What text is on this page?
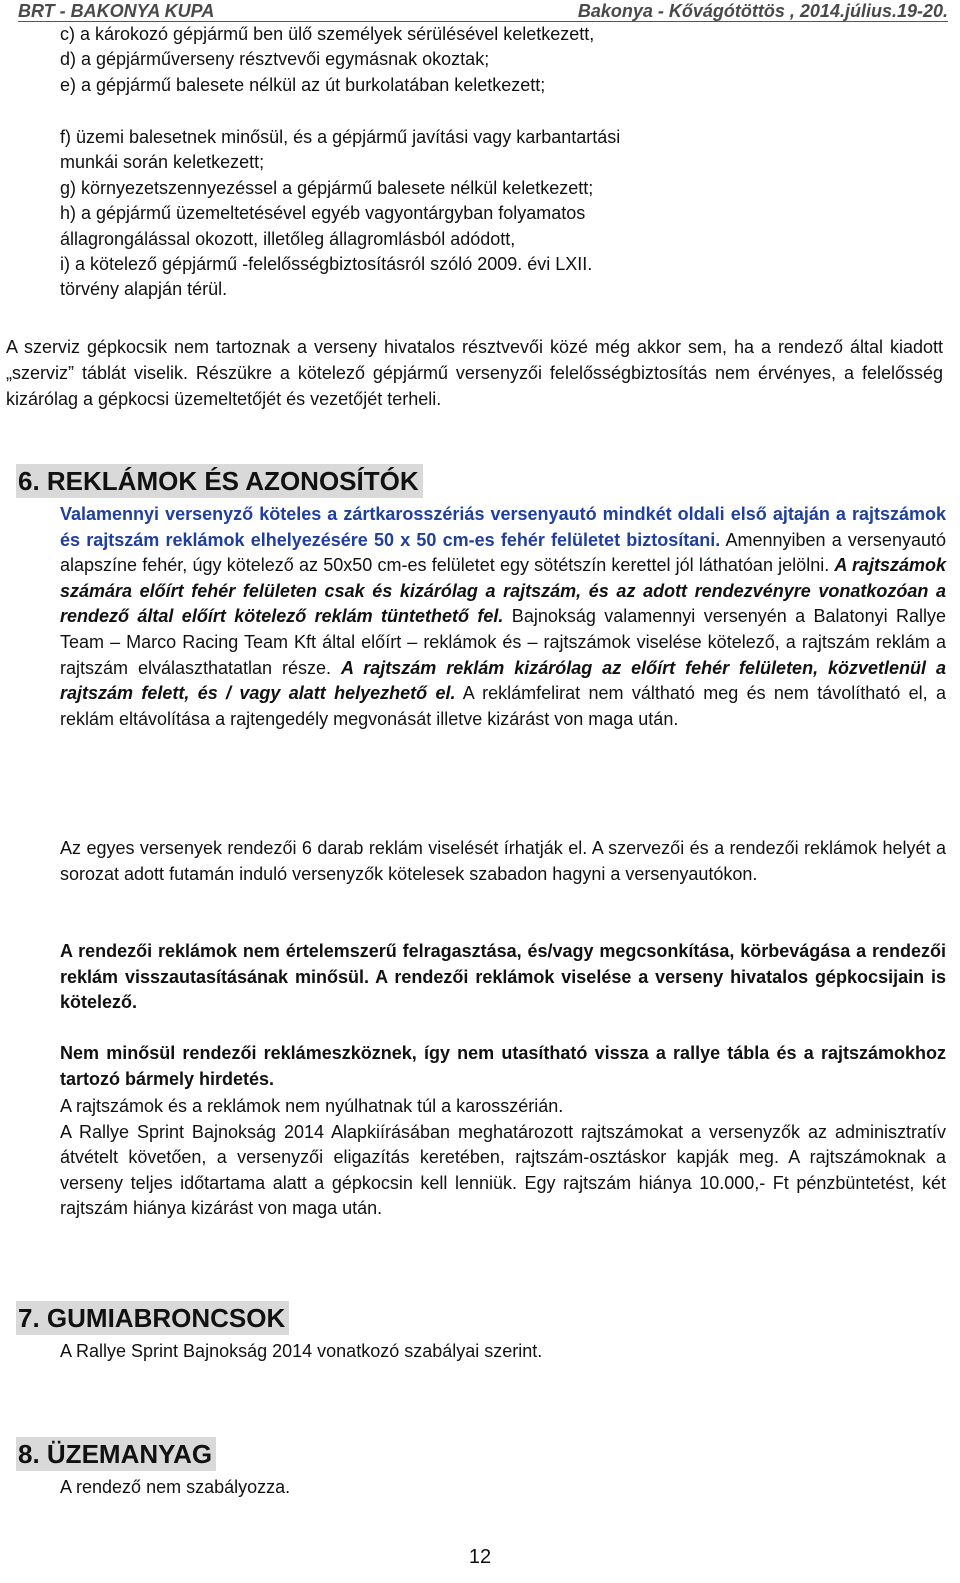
BRT - BAKONYA KUPA	Bakonya - Kővágótöttös , 2014.július.19-20.
c) a károkozó gépjármű ben ülő személyek sérülésével keletkezett,
d) a gépjárműverseny résztvevői egymásnak okoztak;
e) a gépjármű balesete nélkül az út burkolatában keletkezett;
f) üzemi balesetnek minősül, és a gépjármű javítási vagy karbantartási
munkái során keletkezett;
g) környezetszennyezéssel a gépjármű balesete nélkül keletkezett;
h) a gépjármű üzemeltetésével egyéb vagyontárgyban folyamatos
állagrongálással okozott, illetőleg állagromlásból adódott,
i) a kötelező gépjármű -felelősségbiztosításról szóló 2009. évi LXII.
törvény alapján térül.
A szerviz gépkocsik nem tartoznak a verseny hivatalos résztvevői közé még akkor sem, ha a rendező által kiadott „szerviz” táblát viselik. Részükre a kötelező gépjármű versenyzői felelősségbiztosítás nem érvényes, a felelősség kizárólag a gépkocsi üzemeltetőjét és vezetőjét terheli.
6. REKLÁMOK ÉS AZONOSÍTÓK
Valamennyi versenyző köteles a zártkarosszériás versenyautó mindkét oldali első ajtaján a rajtszámok és rajtszám reklámok elhelyezésére 50 x 50 cm-es fehér felületet biztosítani. Amennyiben a versenyautó alapszíne fehér, úgy kötelező az 50x50 cm-es felületet egy sötétszín kerettel jól láthatóan jelölni. A rajtszámok számára előírt fehér felületen csak és kizárólag a rajtszám, és az adott rendezvényre vonatkozóan a rendező által előírt kötelező reklám tüntethető fel. Bajnokság valamennyi versenyén a Balatonyi Rallye Team – Marco Racing Team Kft által előírt – reklámok és – rajtszámok viselése kötelező, a rajtszám reklám a rajtszám elválaszthatatlan része. A rajtszám reklám kizárólag az előírt fehér felületen, közvetlenül a rajtszám felett, és / vagy alatt helyezhető el. A reklámfelirat nem váltható meg és nem távolítható el, a reklám eltávolítása a rajtengedély megvonását illetve kizárást von maga után.
Az egyes versenyek rendezői 6 darab reklám viselését írhatják el. A szervezői és a rendezői reklámok helyét a sorozat adott futamán induló versenyzők kötelesek szabadon hagyni a versenyautókon.
A rendezői reklámok nem értelemszerű felragasztása, és/vagy megcsonkítása, körbevágása a rendezői reklám visszautasításának minősül. A rendezői reklámok viselése a verseny hivatalos gépkocsijain is kötelező.
Nem minősül rendezői reklámeszköznek, így nem utasítható vissza a rallye tábla és a rajtszámokhoz tartozó bármely hirdetés.
A rajtszámok és a reklámok nem nyúlhatnak túl a karosszérián.
A Rallye Sprint Bajnokság 2014 Alapkiírásában meghatározott rajtszámokat a versenyzők az adminisztratív átvételt követően, a versenyzői eligazítás keretében, rajtszám-osztáskor kapják meg. A rajtszámoknak a verseny teljes időtartama alatt a gépkocsin kell lenniük. Egy rajtszám hiánya 10.000,- Ft pénzbüntetést, két rajtszám hiánya kizárást von maga után.
7. GUMIABRONCSOK
A Rallye Sprint Bajnokság 2014 vonatkozó szabályai szerint.
8. ÜZEMANYAG
A rendező nem szabályozza.
12
